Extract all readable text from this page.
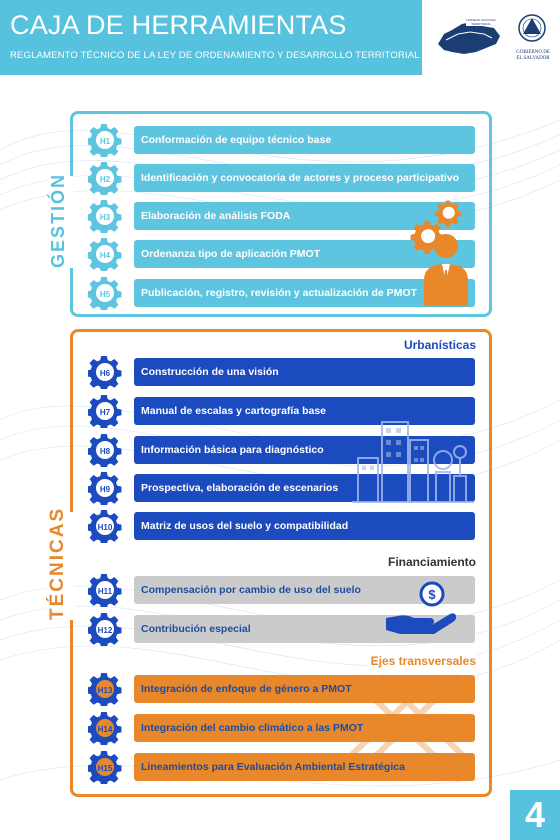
CAJA DE HERRAMIENTAS
REGLAMENTO TÉCNICO DE LA LEY DE ORDENAMIENTO Y DESARROLLO TERRITORIAL
CONSEJO NACIONAL
TERRITORIAL
GOBIERNO DE
EL SALVADOR
GESTIÓN
H1	Conformación de equipo técnico base
H2	Identificación y convocatoria de actores y proceso participativo
H3	Elaboración de análisis FODA
H4	Ordenanza tipo de aplicación PMOT
H5	Publicación, registro, revisión y actualización de PMOT
TÉCNICAS
Urbanísticas
H6	Construcción de una visión
H7	Manual de escalas y cartografía base
H8	Información básica para diagnóstico
H9	Prospectiva, elaboración de escenarios
H10	Matriz de usos del suelo y compatibilidad
Financiamiento
H11	Compensación por cambio de uso del suelo
H12	Contribución especial
$
Ejes transversales
H13	Integración de enfoque de género a PMOT
H14	Integración del cambio climático a las PMOT
H15	Lineamientos para Evaluación Ambiental Estratégica
4
